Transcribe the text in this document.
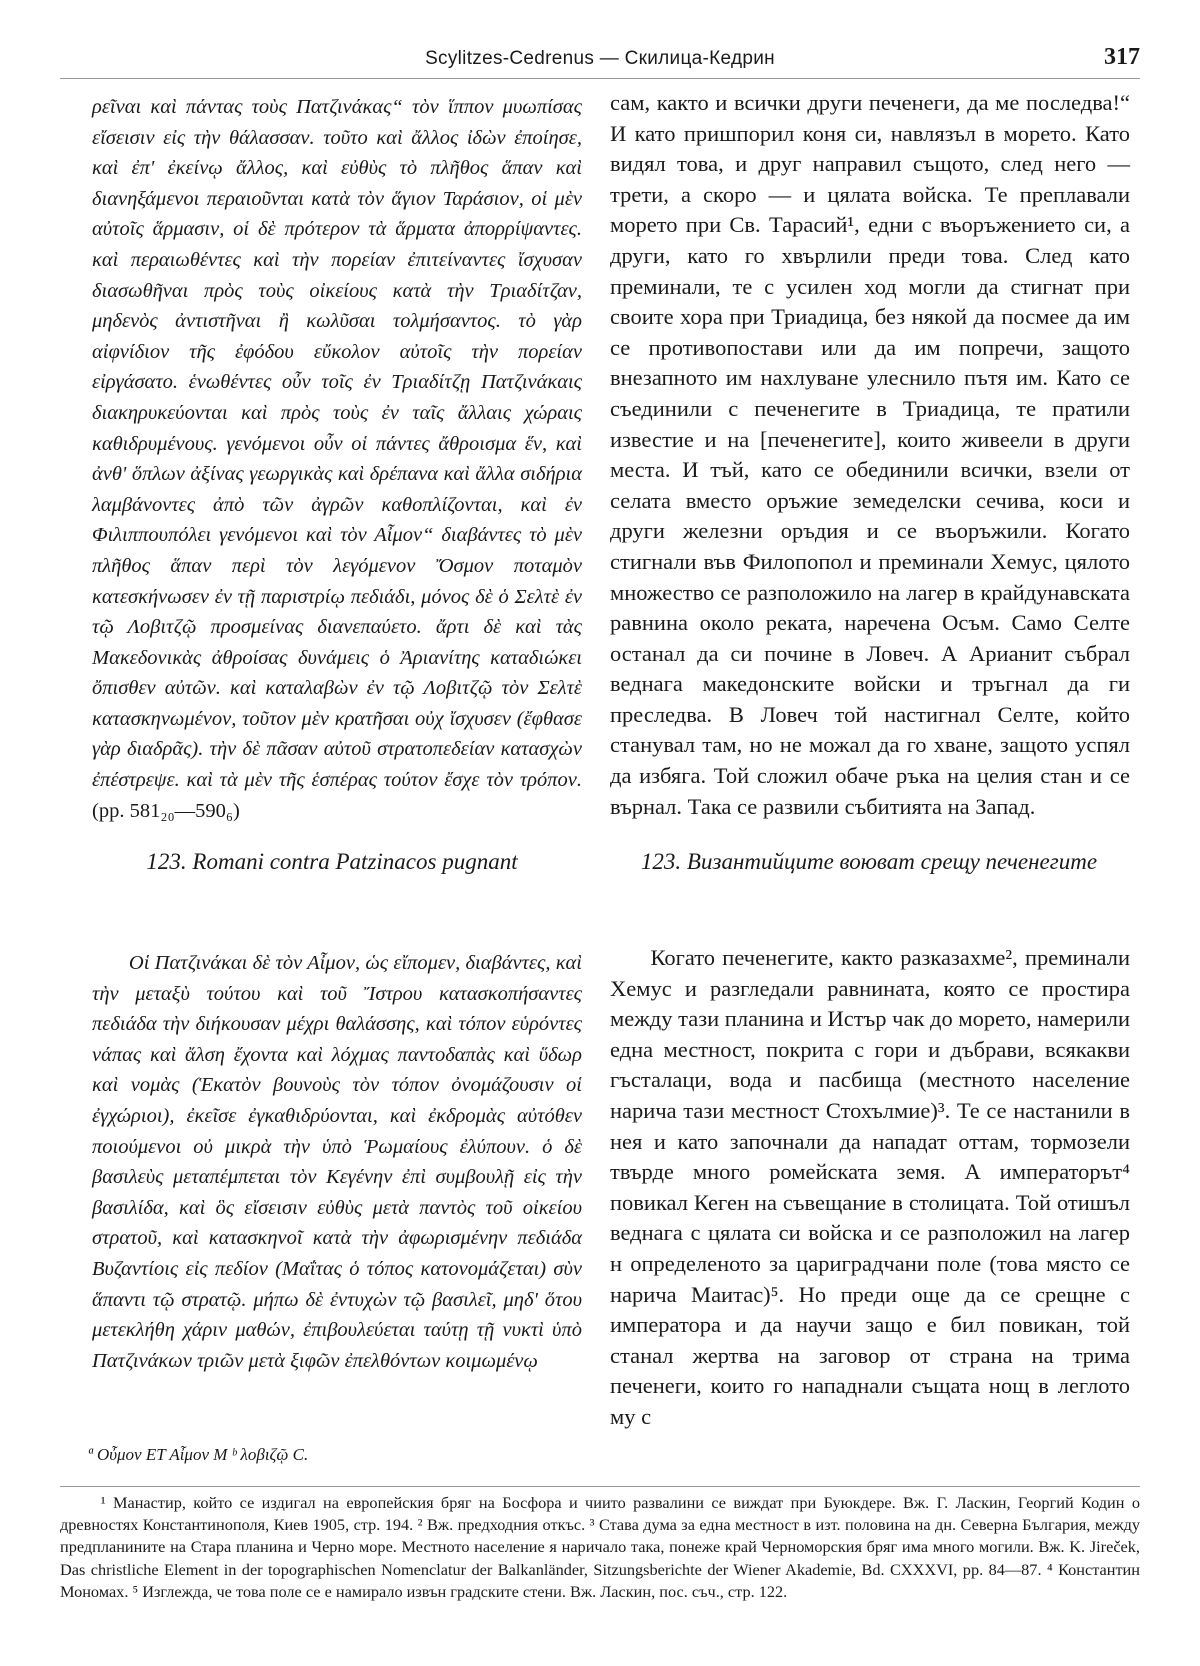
Scylitzes-Cedrenus — Скилица-Кедрин	317

ρεῖναι καὶ πάντας τοὺς Πατζινάκας“ τὸν ἵππον μυωπίσας εἴσεισιν εἰς τὴν θάλασσαν. τοῦτο καὶ ἄλλος ἰδὼν ἐποίησε, καὶ ἐπ' ἐκείνῳ ἄλλος, καὶ εὐθὺς τὸ πλῆθος ἅπαν καὶ διανηξάμενοι περαιοῦνται κατὰ τὸν ἅγιον Ταράσιον, οἱ μὲν αὐτοῖς ἅρμασιν, οἱ δὲ πρότερον τὰ ἅρματα ἀπορρίψαντες. καὶ περαιωθέντες καὶ τὴν πορείαν ἐπιτείναντες ἴσχυσαν διασωθῆναι πρὸς τοὺς οἰκείους κατὰ τὴν Τριαδίτζαν, μηδενὸς ἀντιστῆναι ἢ κωλῦσαι τολμήσαντος. τὸ γὰρ αἰφνίδιον τῆς ἐφόδου εὔκολον αὐτοῖς τὴν πορείαν εἰργάσατο. ἑνωθέντες οὖν τοῖς ἐν Τριαδίτζῃ Πατζινάκαις διακηρυκεύονται καὶ πρὸς τοὺς ἐν ταῖς ἄλλαις χώραις καθιδρυμένους. γενόμενοι οὖν οἱ πάντες ἄθροισμα ἕν, καὶ ἀνθ' ὅπλων ἀξίνας γεωργικὰς καὶ δρέπανα καὶ ἄλλα σιδήρια λαμβάνοντες ἀπὸ τῶν ἀγρῶν καθοπλίζονται, καὶ ἐν Φιλιππουπόλει γενόμενοι καὶ τὸν Αἶμον“ διαβάντες τὸ μὲν πλῆθος ἅπαν περὶ τὸν λεγόμενον Ὄσμον ποταμὸν κατεσκήνωσεν ἐν τῇ παριστρίῳ πεδιάδι, μόνος δὲ ὁ Σελτὲ ἐν τῷ Λοβιτζῷ προσμείνας διανεπαύετο. ἄρτι δὲ καὶ τὰς Μακεδονικὰς ἀθροίσας δυνάμεις ὁ Ἀριανίτης καταδιώκει ὄπισθεν αὐτῶν. καὶ καταλαβὼν ἐν τῷ Λοβιτζῷ τὸν Σελτὲ κατασκηνωμένον, τοῦτον μὲν κρατῆσαι οὐχ ἴσχυσεν (ἔφθασε γὰρ διαδρᾶς). τὴν δὲ πᾶσαν αὐτοῦ στρατοπεδείαν κατασχὼν ἐπέστρεψε. καὶ τὰ μὲν τῆς ἑσπέρας τούτον ἔσχε τὸν τρόπον. (pp. 581₂₀—590₆)

сам, както и всички други печенеги, да ме последва!“ И като пришпорил коня си, навлязъл в морето. Като видял това, и друг направил същото, след него — трети, а скоро — и цялата войска. Те преплавали морето при Св. Тарасий¹, едни с въоръжението си, а други, като го хвърлили преди това. След като преминали, те с усилен ход могли да стигнат при своите хора при Триадица, без някой да посмее да им се противопостави или да им попречи, защото внезапното им нахлуване улеснило пътя им. Като се съединили с печенегите в Триадица, те пратили известие и на [печенегите], които живеели в други места. И тъй, като се обединили всички, взели от селата вместо оръжие земеделски сечива, коси и други железни оръдия и се въоръжили. Когато стигнали във Филопопол и преминали Хемус, цялото множество се разположило на лагер в крайдунавската равнина около реката, наречена Осъм. Само Селте останал да си почине в Ловеч. А Арианит събрал веднага македонските войски и тръгнал да ги преследва. В Ловеч той настигнал Селте, който станувал там, но не можал да го хване, защото успял да избяга. Той сложил обаче ръка на целия стан и се върнал. Така се развили събитията на Запад.

123. Romani contra Patzinacos pugnant	123. Византийците воюват срещу печенегите

Οἱ Πατζινάκαι δὲ τὸν Αἶμον, ὡς εἴπομεν, διαβάντες, καὶ τὴν μεταξὺ τούτου καὶ τοῦ Ἴστρου κατασκοπήσαντες πεδιάδα τὴν διήκουσαν μέχρι θαλάσσης, καὶ τόπον εὑρόντες νάπας καὶ ἄλση ἔχοντα καὶ λόχμας παντοδαπὰς καὶ ὕδωρ καὶ νομὰς (Ἑκατὸν βουνοὺς τὸν τόπον ὀνομάζουσιν οἱ ἐγχώριοι), ἐκεῖσε ἐγκαθιδρύονται, καὶ ἐκδρομὰς αὐτόθεν ποιούμενοι οὐ μικρὰ τὴν ὑπὸ Ῥωμαίους ἐλύπουν. ὁ δὲ βασιλεὺς μεταπέμπεται τὸν Κεγένην ἐπὶ συμβουλῇ εἰς τὴν βασιλίδα, καὶ ὃς εἴσεισιν εὐθὺς μετὰ παντὸς τοῦ οἰκείου στρατοῦ, καὶ κατασκηνοῖ κατὰ τὴν ἀφωρισμένην πεδιάδα Βυζαντίοις εἰς πεδίον (Μαΐτας ὁ τόπος κατονομάζεται) σὺν ἅπαντι τῷ στρατῷ. μήπω δὲ ἐντυχὼν τῷ βασιλεῖ, μηδ' ὅτου μετεκλήθη χάριν μαθών, ἐπιβουλεύεται ταύτῃ τῇ νυκτὶ ὑπὸ Πατζινάκων τριῶν μετὰ ξιφῶν ἐπελθόντων κοιμωμένῳ

Когато печенегите, както разказахме², преминали Хемус и разгледали равнината, която се простира между тази планина и Истър чак до морето, намерили една местност, покрита с гори и дъбрави, всякакви гъсталаци, вода и пасбища (местното население нарича тази местност Стохълмие)³. Те се настанили в нея и като започнали да нападат оттам, тормозели твърде много ромейската земя. А императорът⁴ повикал Кеген на съвещание в столицата. Той отишъл веднага с цялата си войска и се разположил на лагер н определеното за цариградчани поле (това място се нарича Маитас)⁵. Но преди още да се срещне с императора и да научи защо е бил повикан, той станал жертва на заговор от страна на трима печенеги, които го нападнали същата нощ в леглото му с

ª Οὖμον ΕΤ Αἶμον Μ ᵇ λοβιζῷ C.

¹ Манастир, който се издигал на европейския бряг на Босфора и чиито развалини се виждат при Буюкдере. Вж. Г. Ласкин, Георгий Кодин о древностях Константинополя, Киев 1905, стр. 194. ² Вж. предходния откъс. ³ Става дума за една местност в изт. половина на дн. Северна България, между предпланините на Стара планина и Черно море. Местното население я наричало така, понеже край Черноморския бряг има много могили. Вж. K. Jireček, Das christliche Element in der topographischen Nomenclatur der Balkanländer, Sitzungsberichte der Wiener Akademie, Bd. CXXXVI, pp. 84—87. ⁴ Константин Мономах. ⁵ Изглежда, че това поле се е намирало извън градските стени. Вж. Ласкин, пос. съч., стр. 122.
